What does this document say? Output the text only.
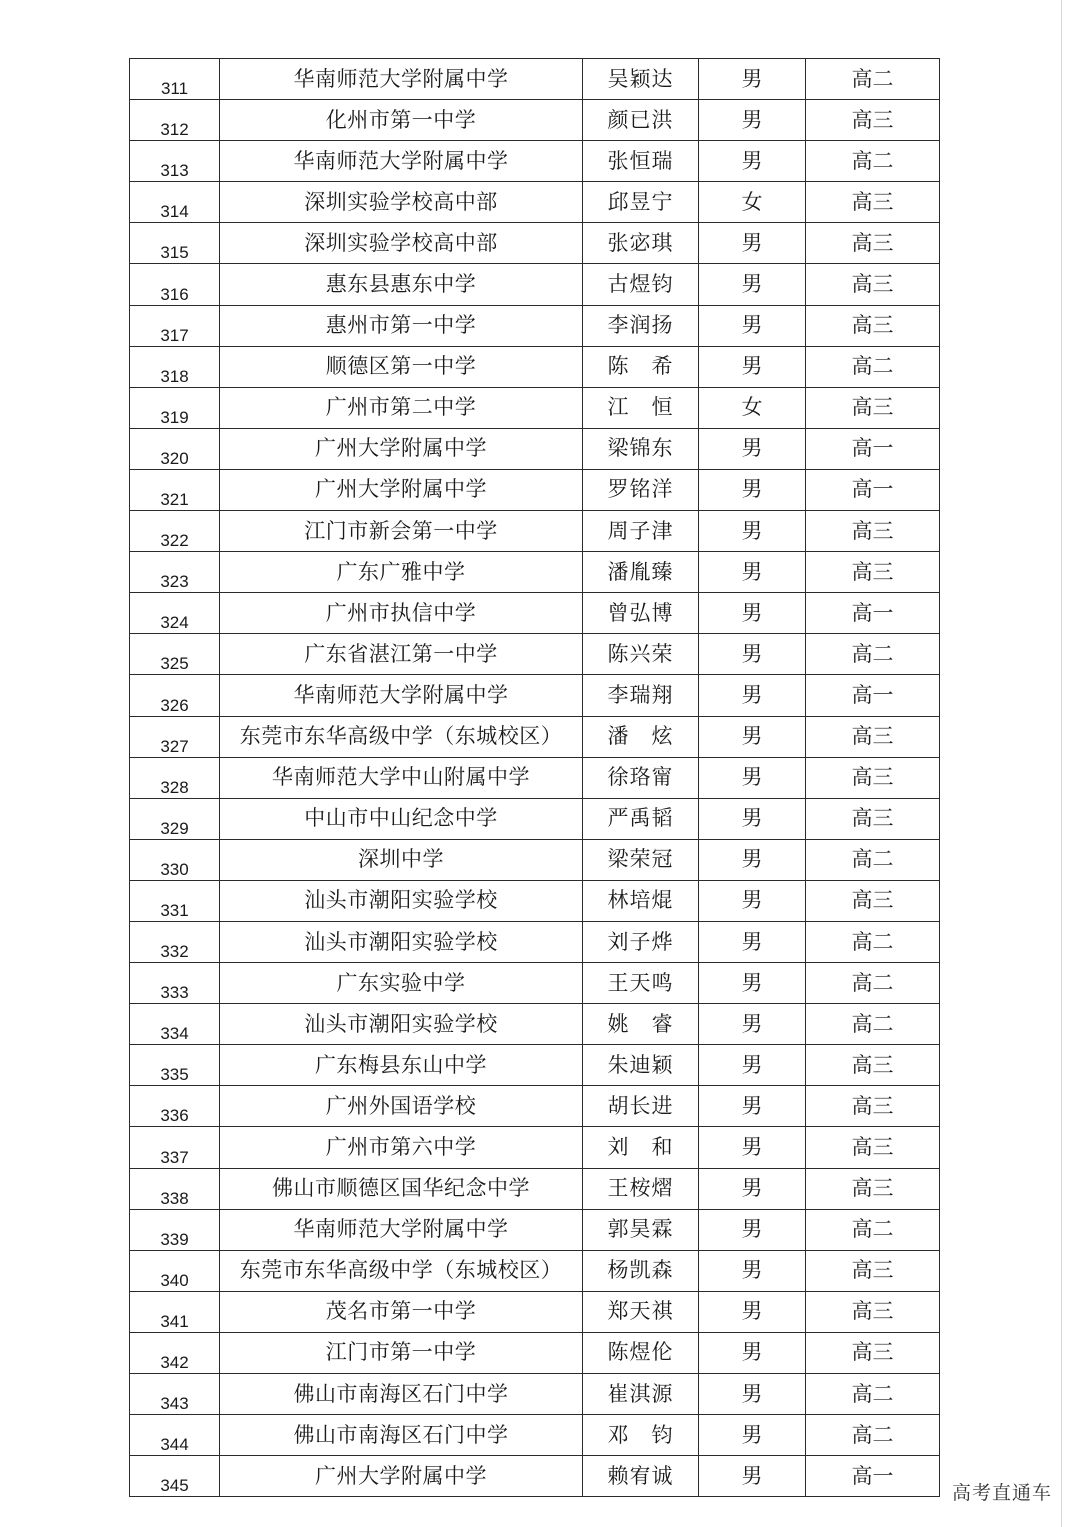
311	华南师范大学附属中学	吴颖达	男	高二
312	化州市第一中学	颜已洪	男	高三
313	华南师范大学附属中学	张恒瑞	男	高二
314	深圳实验学校高中部	邱昱宁	女	高三
315	深圳实验学校高中部	张宓琪	男	高三
316	惠东县惠东中学	古煜钧	男	高三
317	惠州市第一中学	李润扬	男	高三
318	顺德区第一中学	陈　希	男	高二
319	广州市第二中学	江　恒	女	高三
320	广州大学附属中学	梁锦东	男	高一
321	广州大学附属中学	罗铭洋	男	高一
322	江门市新会第一中学	周子津	男	高三
323	广东广雅中学	潘胤臻	男	高三
324	广州市执信中学	曾弘博	男	高一
325	广东省湛江第一中学	陈兴荣	男	高二
326	华南师范大学附属中学	李瑞翔	男	高一
327	东莞市东华高级中学（东城校区）	潘　炫	男	高三
328	华南师范大学中山附属中学	徐珞甯	男	高三
329	中山市中山纪念中学	严禹韬	男	高三
330	深圳中学	梁荣冠	男	高二
331	汕头市潮阳实验学校	林培焜	男	高三
332	汕头市潮阳实验学校	刘子烨	男	高二
333	广东实验中学	王天鸣	男	高二
334	汕头市潮阳实验学校	姚　睿	男	高二
335	广东梅县东山中学	朱迪颖	男	高三
336	广州外国语学校	胡长进	男	高三
337	广州市第六中学	刘　和	男	高三
338	佛山市顺德区国华纪念中学	王桉熠	男	高三
339	华南师范大学附属中学	郭昊霖	男	高二
340	东莞市东华高级中学（东城校区）	杨凯森	男	高三
341	茂名市第一中学	郑天祺	男	高三
342	江门市第一中学	陈煜伦	男	高三
343	佛山市南海区石门中学	崔淇源	男	高二
344	佛山市南海区石门中学	邓　钧	男	高二
345	广州大学附属中学	赖宥诚	男	高一
高考直通车
